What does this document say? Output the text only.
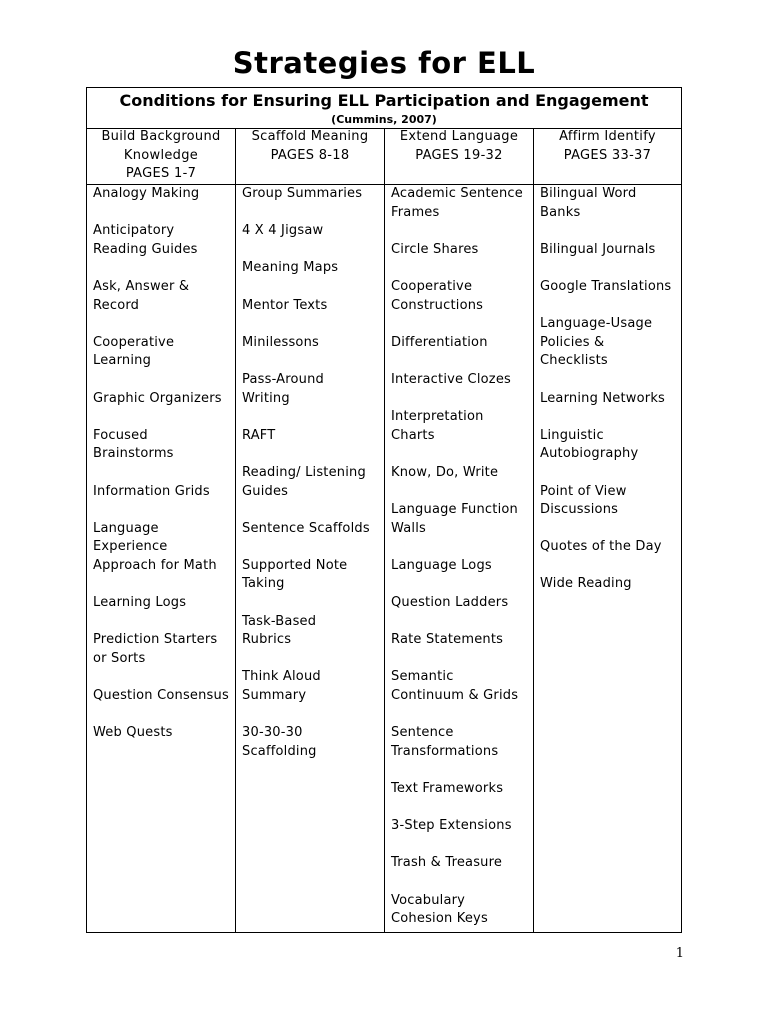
Strategies for ELL
Conditions for Ensuring ELL Participation and Engagement
(Cummins, 2007)
Build Background
Knowledge
PAGES 1-7
Analogy Making
Anticipatory
Reading Guides
Ask, Answer &
Record
Cooperative
Learning
Graphic Organizers
Focused
Brainstorms
Information Grids
Language
Experience
Approach for Math
Learning Logs
Prediction Starters
or Sorts
Question Consensus
Web Quests
Scaffold Meaning
PAGES 8-18
Group Summaries
4 X 4 Jigsaw
Meaning Maps
Mentor Texts
Minilessons
Pass-Around
Writing
RAFT
Reading/ Listening
Guides
Sentence Scaffolds
Supported Note
Taking
Task-Based
Rubrics
Think Aloud
Summary
30-30-30
Scaffolding
Extend Language
PAGES 19-32
Academic Sentence
Frames
Circle Shares
Cooperative
Constructions
Differentiation
Interactive Clozes
Interpretation
Charts
Know, Do, Write
Language Function
Walls
Language Logs
Question Ladders
Rate Statements
Semantic
Continuum & Grids
Sentence
Transformations
Text Frameworks
3-Step Extensions
Trash & Treasure
Vocabulary
Cohesion Keys
Affirm Identify
PAGES 33-37
Bilingual Word
Banks
Bilingual Journals
Google Translations
Language-Usage
Policies &
Checklists
Learning Networks
Linguistic
Autobiography
Point of View
Discussions
Quotes of the Day
Wide Reading
1
